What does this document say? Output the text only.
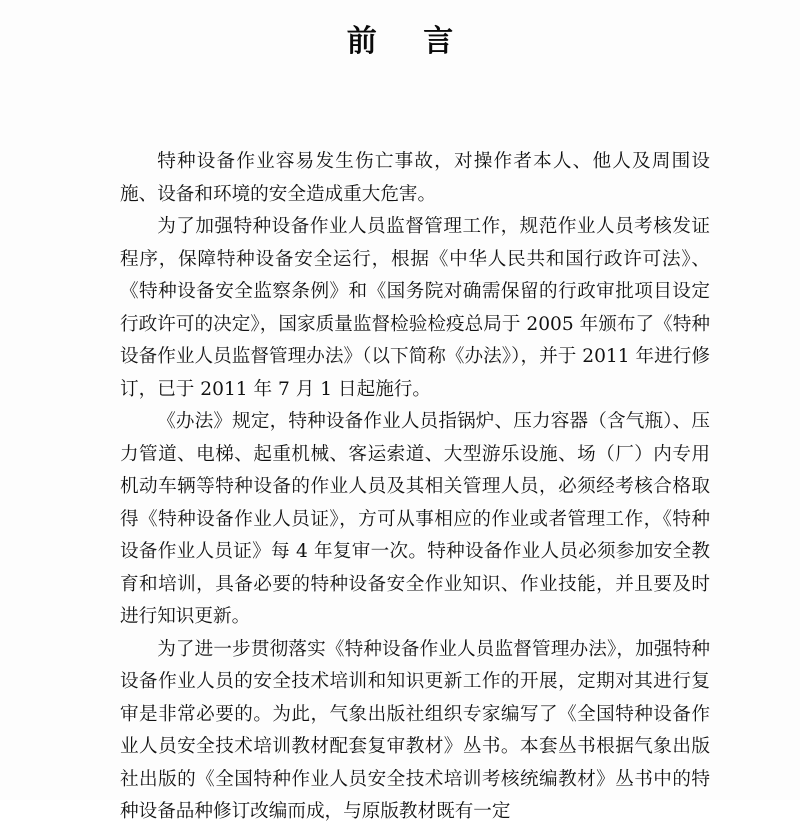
前 言

特种设备作业容易发生伤亡事故，对操作者本人、他人及周围设施、设备和环境的安全造成重大危害。

为了加强特种设备作业人员监督管理工作，规范作业人员考核发证程序，保障特种设备安全运行，根据《中华人民共和国行政许可法》、《特种设备安全监察条例》和《国务院对确需保留的行政审批项目设定行政许可的决定》，国家质量监督检验检疫总局于 2005 年颁布了《特种设备作业人员监督管理办法》（以下简称《办法》），并于 2011 年进行修订，已于 2011 年 7 月 1 日起施行。

《办法》规定，特种设备作业人员指锅炉、压力容器（含气瓶）、压力管道、电梯、起重机械、客运索道、大型游乐设施、场（厂）内专用机动车辆等特种设备的作业人员及其相关管理人员，必须经考核合格取得《特种设备作业人员证》，方可从事相应的作业或者管理工作，《特种设备作业人员证》每 4 年复审一次。特种设备作业人员必须参加安全教育和培训，具备必要的特种设备安全作业知识、作业技能，并且要及时进行知识更新。

为了进一步贯彻落实《特种设备作业人员监督管理办法》，加强特种设备作业人员的安全技术培训和知识更新工作的开展，定期对其进行复审是非常必要的。为此，气象出版社组织专家编写了《全国特种设备作业人员安全技术培训教材配套复审教材》丛书。本套丛书根据气象出版社出版的《全国特种作业人员安全技术培训考核统编教材》丛书中的特种设备品种修订改编而成，与原版教材既有一定
